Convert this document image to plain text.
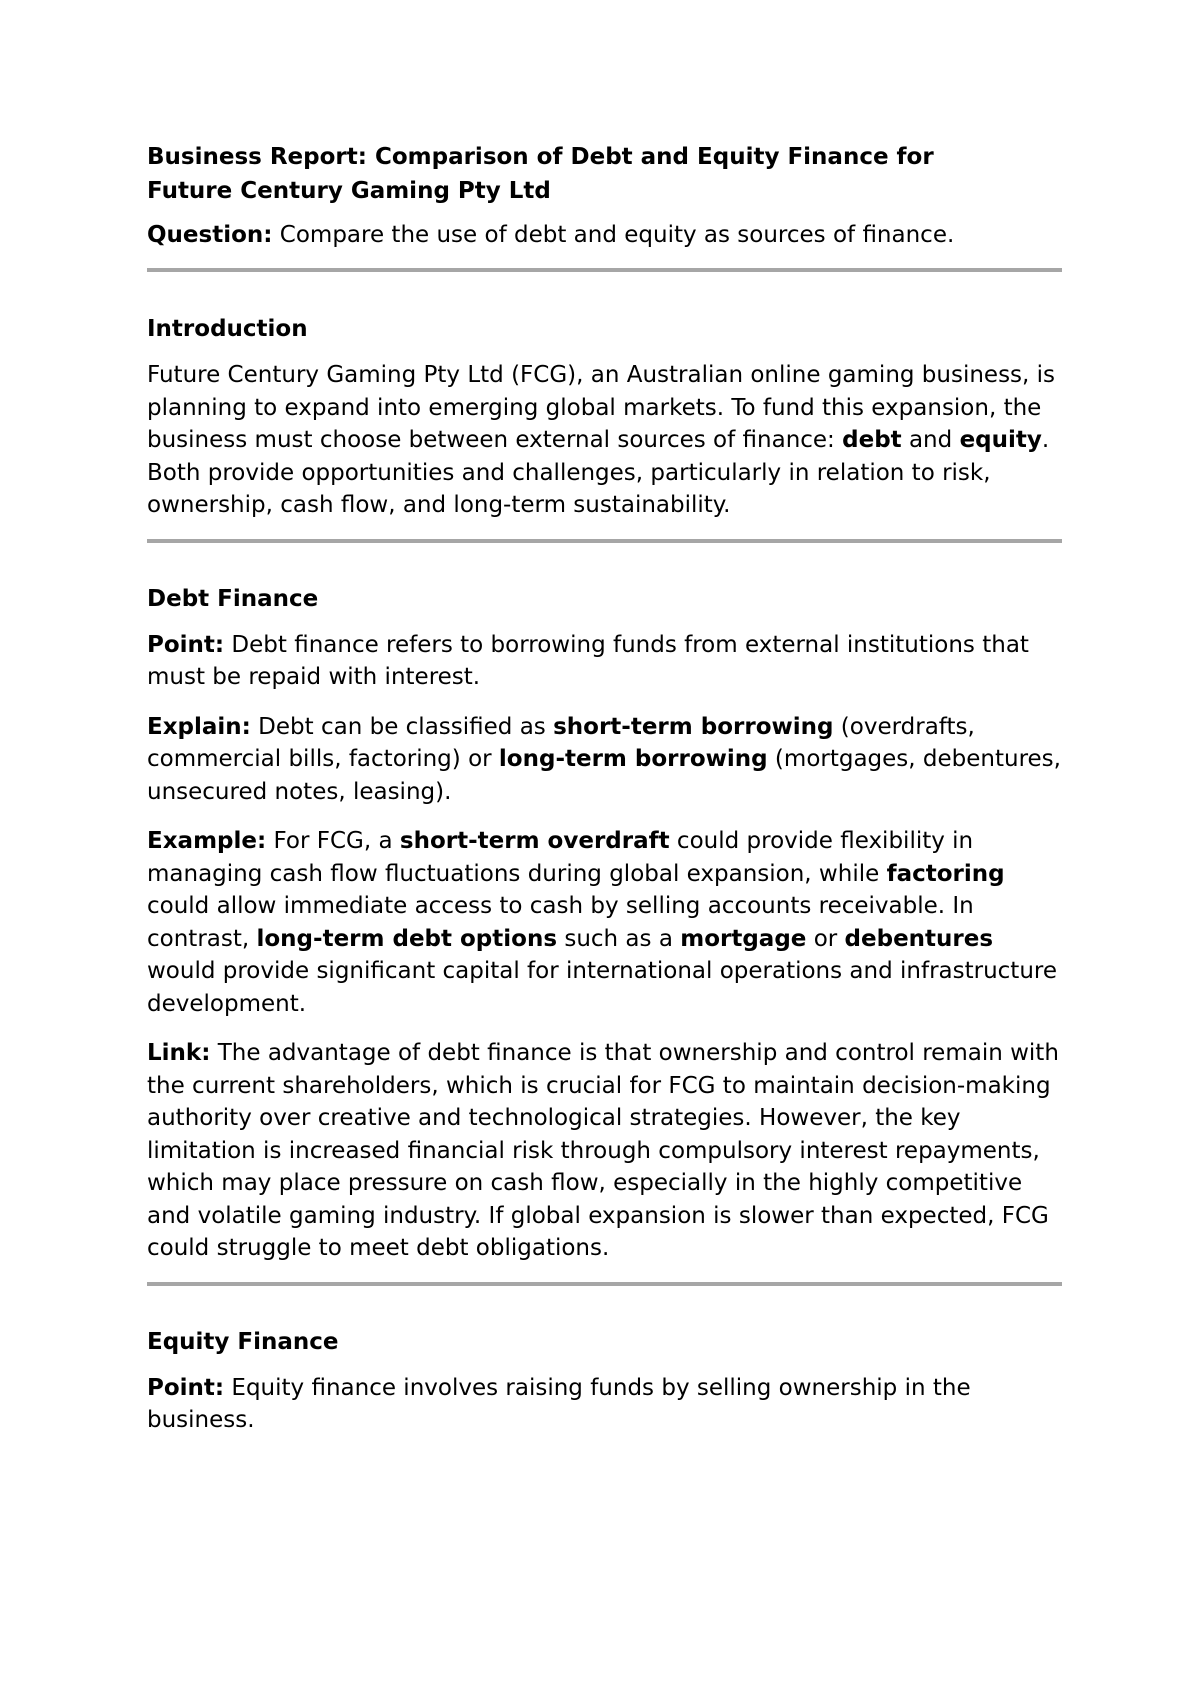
Business Report: Comparison of Debt and Equity Finance for
Future Century Gaming Pty Ltd

Question: Compare the use of debt and equity as sources of finance.

Introduction

Future Century Gaming Pty Ltd (FCG), an Australian online gaming business, is planning to expand into emerging global markets. To fund this expansion, the business must choose between external sources of finance: debt and equity. Both provide opportunities and challenges, particularly in relation to risk, ownership, cash flow, and long-term sustainability.

Debt Finance

Point: Debt finance refers to borrowing funds from external institutions that must be repaid with interest.

Explain: Debt can be classified as short-term borrowing (overdrafts, commercial bills, factoring) or long-term borrowing (mortgages, debentures, unsecured notes, leasing).

Example: For FCG, a short-term overdraft could provide flexibility in managing cash flow fluctuations during global expansion, while factoring could allow immediate access to cash by selling accounts receivable. In contrast, long-term debt options such as a mortgage or debentures would provide significant capital for international operations and infrastructure development.

Link: The advantage of debt finance is that ownership and control remain with the current shareholders, which is crucial for FCG to maintain decision-making authority over creative and technological strategies. However, the key limitation is increased financial risk through compulsory interest repayments, which may place pressure on cash flow, especially in the highly competitive and volatile gaming industry. If global expansion is slower than expected, FCG could struggle to meet debt obligations.

Equity Finance

Point: Equity finance involves raising funds by selling ownership in the business.
